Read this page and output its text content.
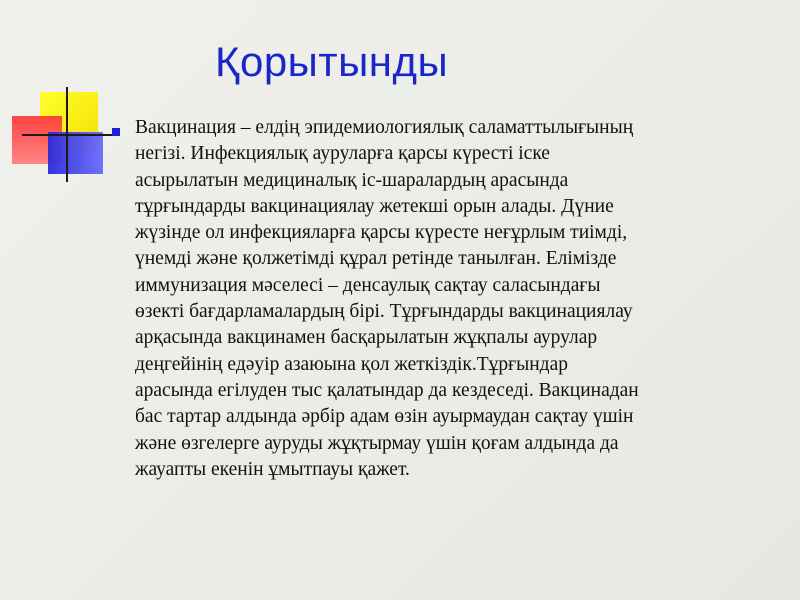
Қорытынды

Вакцинация – елдің эпидемиологиялық саламаттылығының
негізі. Инфекциялық ауруларға қарсы күресті іске
асырылатын медициналық іс-шаралардың арасында
тұрғындарды вакцинациялау жетекші орын алады. Дүние
жүзінде ол инфекцияларға қарсы күресте неғұрлым тиімді,
үнемді және қолжетімді құрал ретінде танылған. Елімізде
иммунизация мәселесі – денсаулық сақтау саласындағы
өзекті бағдарламалардың бірі. Тұрғындарды вакцинациялау
арқасында вакцинамен басқарылатын жұқпалы аурулар
деңгейінің едәуір азаюына қол жеткіздік.Тұрғындар
арасында егілуден тыс қалатындар да кездеседі. Вакцинадан
бас тартар алдында әрбір адам өзін ауырмаудан сақтау үшін
және өзгелерге ауруды жұқтырмау үшін қоғам алдында да
жауапты екенін ұмытпауы қажет.
